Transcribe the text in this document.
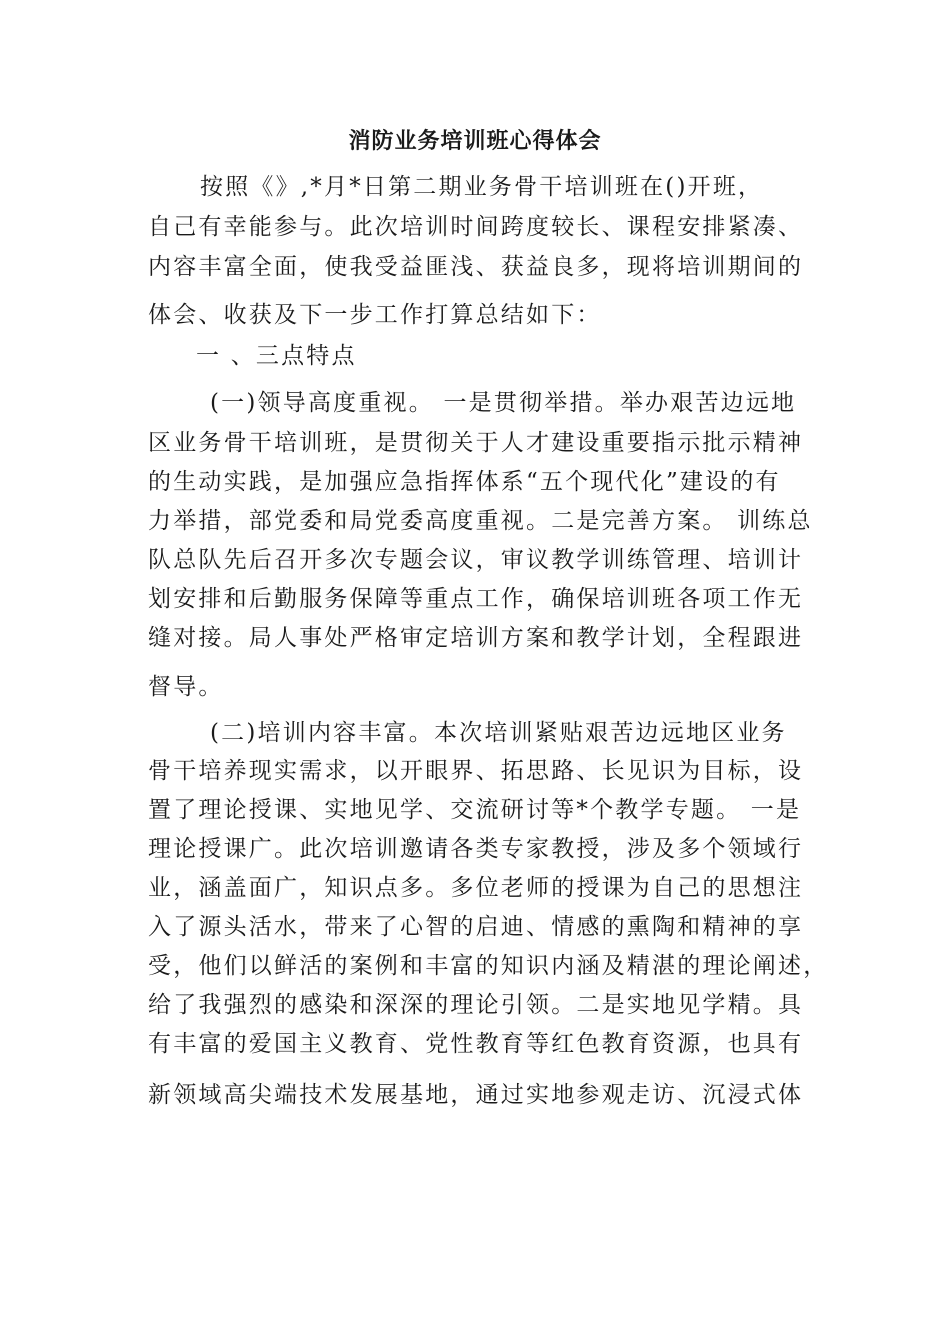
消防业务培训班心得体会
按照《》,*月*日第二期业务骨干培训班在()开班，
自己有幸能参与。此次培训时间跨度较长、课程安排紧凑、
内容丰富全面，使我受益匪浅、获益良多，现将培训期间的
体会、收获及下一步工作打算总结如下：
一 、三点特点
(一)领导高度重视。 一是贯彻举措。举办艰苦边远地
区业务骨干培训班，是贯彻关于人才建设重要指示批示精神
的生动实践，是加强应急指挥体系“五个现代化”建设的有
力举措，部党委和局党委高度重视。二是完善方案。 训练总
队总队先后召开多次专题会议，审议教学训练管理、培训计
划安排和后勤服务保障等重点工作，确保培训班各项工作无
缝对接。局人事处严格审定培训方案和教学计划，全程跟进
督导。
(二)培训内容丰富。本次培训紧贴艰苦边远地区业务
骨干培养现实需求，以开眼界、拓思路、长见识为目标，设
置了理论授课、实地见学、交流研讨等*个教学专题。 一是
理论授课广。此次培训邀请各类专家教授，涉及多个领域行
业，涵盖面广，知识点多。多位老师的授课为自己的思想注
入了源头活水，带来了心智的启迪、情感的熏陶和精神的享
受，他们以鲜活的案例和丰富的知识内涵及精湛的理论阐述，
给了我强烈的感染和深深的理论引领。二是实地见学精。具
有丰富的爱国主义教育、党性教育等红色教育资源，也具有
新领域高尖端技术发展基地，通过实地参观走访、沉浸式体
